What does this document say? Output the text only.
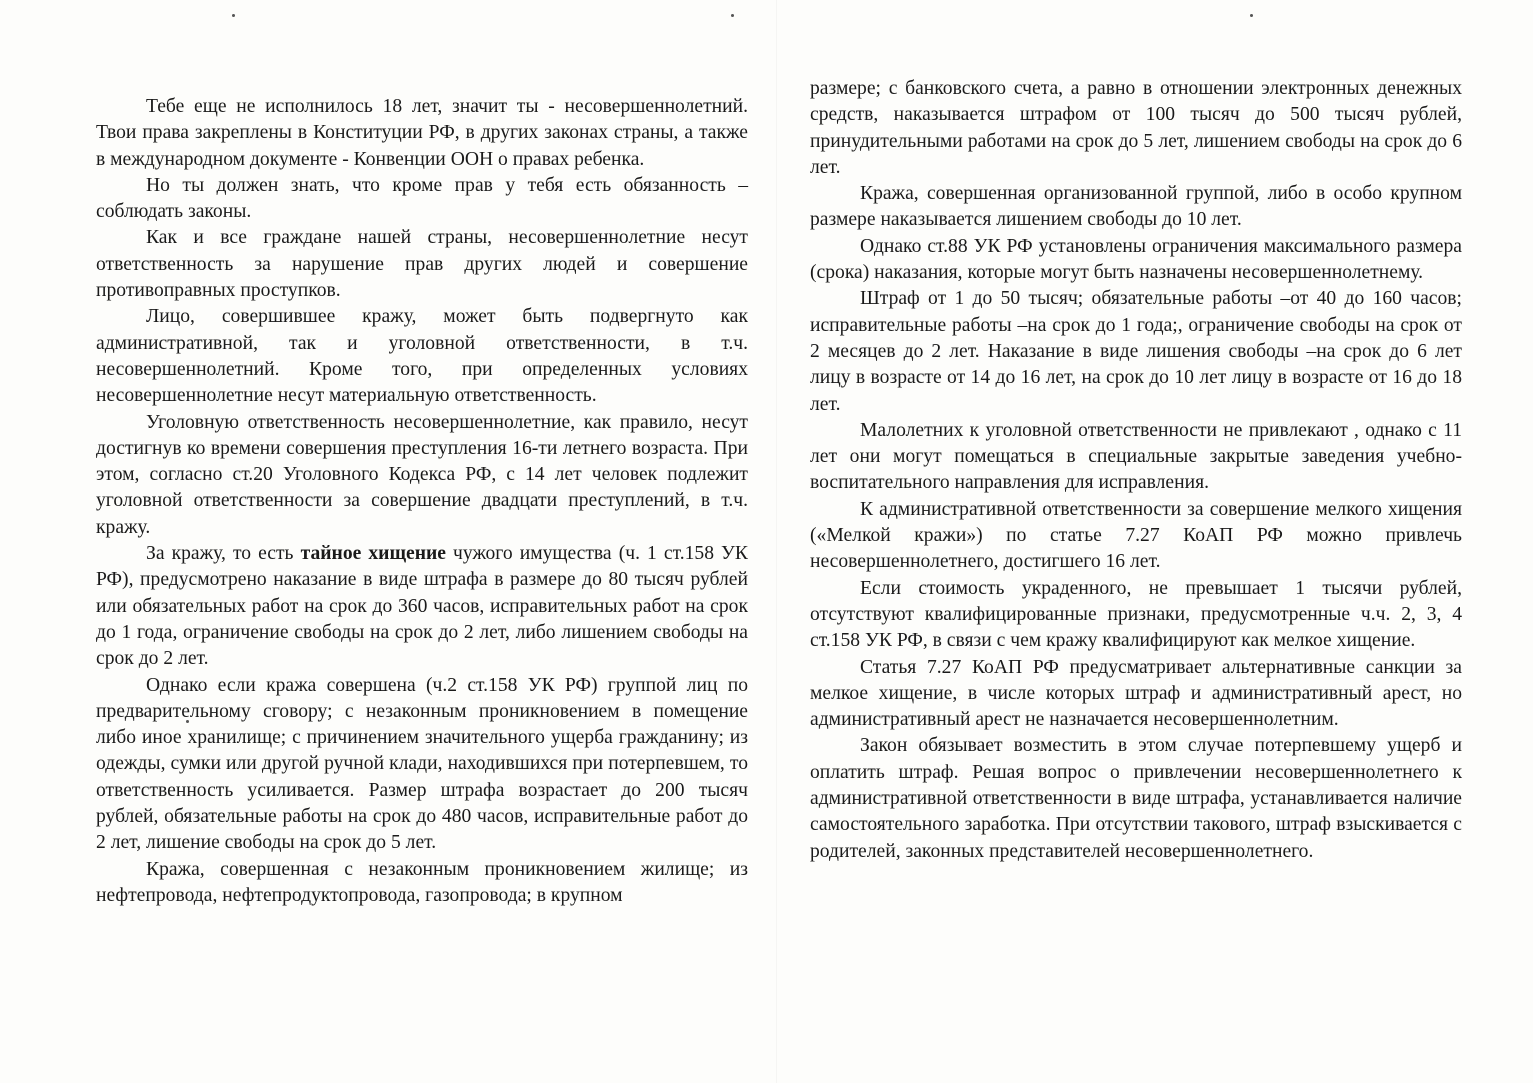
Тебе еще не исполнилось 18 лет, значит ты - несовершеннолетний. Твои права закреплены в Конституции РФ, в других законах страны, а также в международном документе - Конвенции ООН о правах ребенка.

Но ты должен знать, что кроме прав у тебя есть обязанность – соблюдать законы.

Как и все граждане нашей страны, несовершеннолетние несут ответственность за нарушение прав других людей и совершение противоправных проступков.

Лицо, совершившее кражу, может быть подвергнуто как административной, так и уголовной ответственности, в т.ч. несовершеннолетний. Кроме того, при определенных условиях несовершеннолетние несут материальную ответственность.

Уголовную ответственность несовершеннолетние, как правило, несут достигнув ко времени совершения преступления 16-ти летнего возраста. При этом, согласно ст.20 Уголовного Кодекса РФ, с 14 лет человек подлежит уголовной ответственности за совершение двадцати преступлений, в т.ч. кражу.

За кражу, то есть тайное хищение чужого имущества (ч. 1 ст.158 УК РФ), предусмотрено наказание в виде штрафа в размере до 80 тысяч рублей или обязательных работ на срок до 360 часов, исправительных работ на срок до 1 года, ограничение свободы на срок до 2 лет, либо лишением свободы на срок до 2 лет.

Однако если кража совершена (ч.2 ст.158 УК РФ) группой лиц по предварительному сговору; с незаконным проникновением в помещение либо иное хранилище; с причинением значительного ущерба гражданину; из одежды, сумки или другой ручной клади, находившихся при потерпевшем, то ответственность усиливается. Размер штрафа возрастает до 200 тысяч рублей, обязательные работы на срок до 480 часов, исправительные работ до 2 лет, лишение свободы на срок до 5 лет.

Кража, совершенная с незаконным проникновением жилище; из нефтепровода, нефтепродуктопровода, газопровода; в крупном

размере; с банковского счета, а равно в отношении электронных денежных средств, наказывается штрафом от 100 тысяч до 500 тысяч рублей, принудительными работами на срок до 5 лет, лишением свободы на срок до 6 лет.

Кража, совершенная организованной группой, либо в особо крупном размере наказывается лишением свободы до 10 лет.

Однако ст.88 УК РФ установлены ограничения максимального размера (срока) наказания, которые могут быть назначены несовершеннолетнему.

Штраф от 1 до 50 тысяч; обязательные работы –от 40 до 160 часов; исправительные работы –на срок до 1 года;, ограничение свободы на срок от 2 месяцев до 2 лет. Наказание в виде лишения свободы –на срок до 6 лет лицу в возрасте от 14 до 16 лет, на срок до 10 лет лицу в возрасте от 16 до 18 лет.

Малолетних к уголовной ответственности не привлекают , однако с 11 лет они могут помещаться в специальные закрытые заведения учебно-воспитательного направления для исправления.

К административной ответственности за совершение мелкого хищения («Мелкой кражи») по статье 7.27 КоАП РФ можно привлечь несовершеннолетнего, достигшего 16 лет.

Если стоимость украденного, не превышает 1 тысячи рублей, отсутствуют квалифицированные признаки, предусмотренные ч.ч. 2, 3, 4 ст.158 УК РФ, в связи с чем кражу квалифицируют как мелкое хищение.

Статья 7.27 КоАП РФ предусматривает альтернативные санкции за мелкое хищение, в числе которых штраф и административный арест, но административный арест не назначается несовершеннолетним.

Закон обязывает возместить в этом случае потерпевшему ущерб и оплатить штраф. Решая вопрос о привлечении несовершеннолетнего к административной ответственности в виде штрафа, устанавливается наличие самостоятельного заработка. При отсутствии такового, штраф взыскивается с родителей, законных представителей несовершеннолетнего.
